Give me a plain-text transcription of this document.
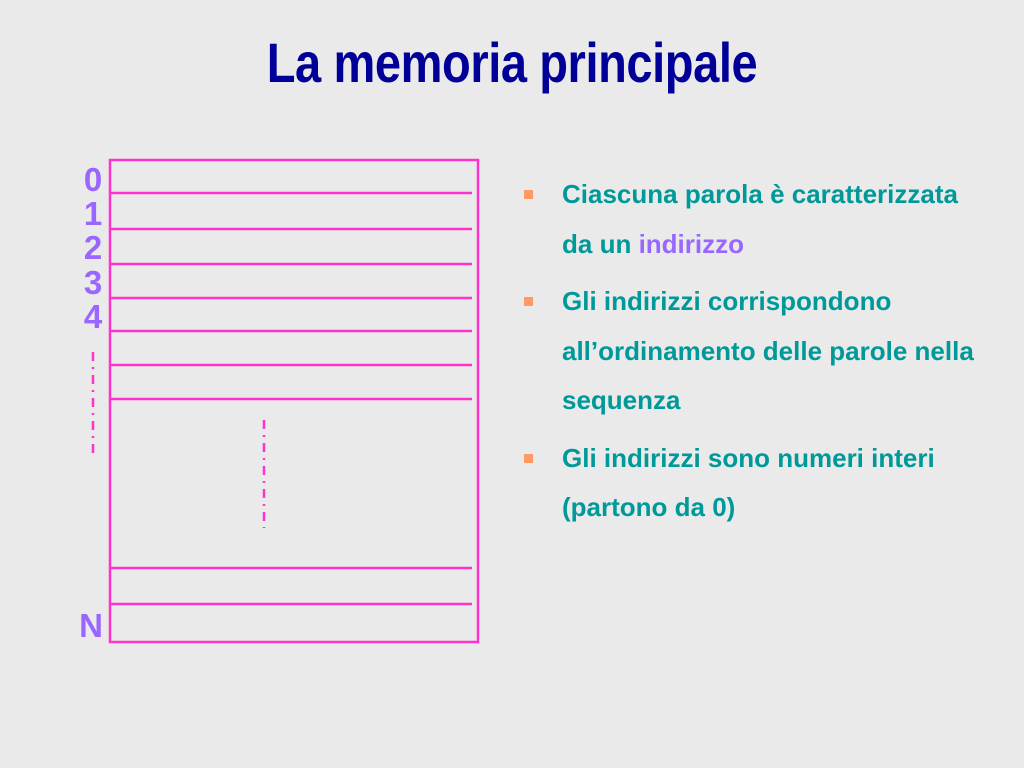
La memoria principale
0
1
2
3
4
N
Ciascuna parola è caratterizzata da un indirizzo
Gli indirizzi corrispondono all’ordinamento delle parole nella sequenza
Gli indirizzi sono numeri interi (partono da 0)
